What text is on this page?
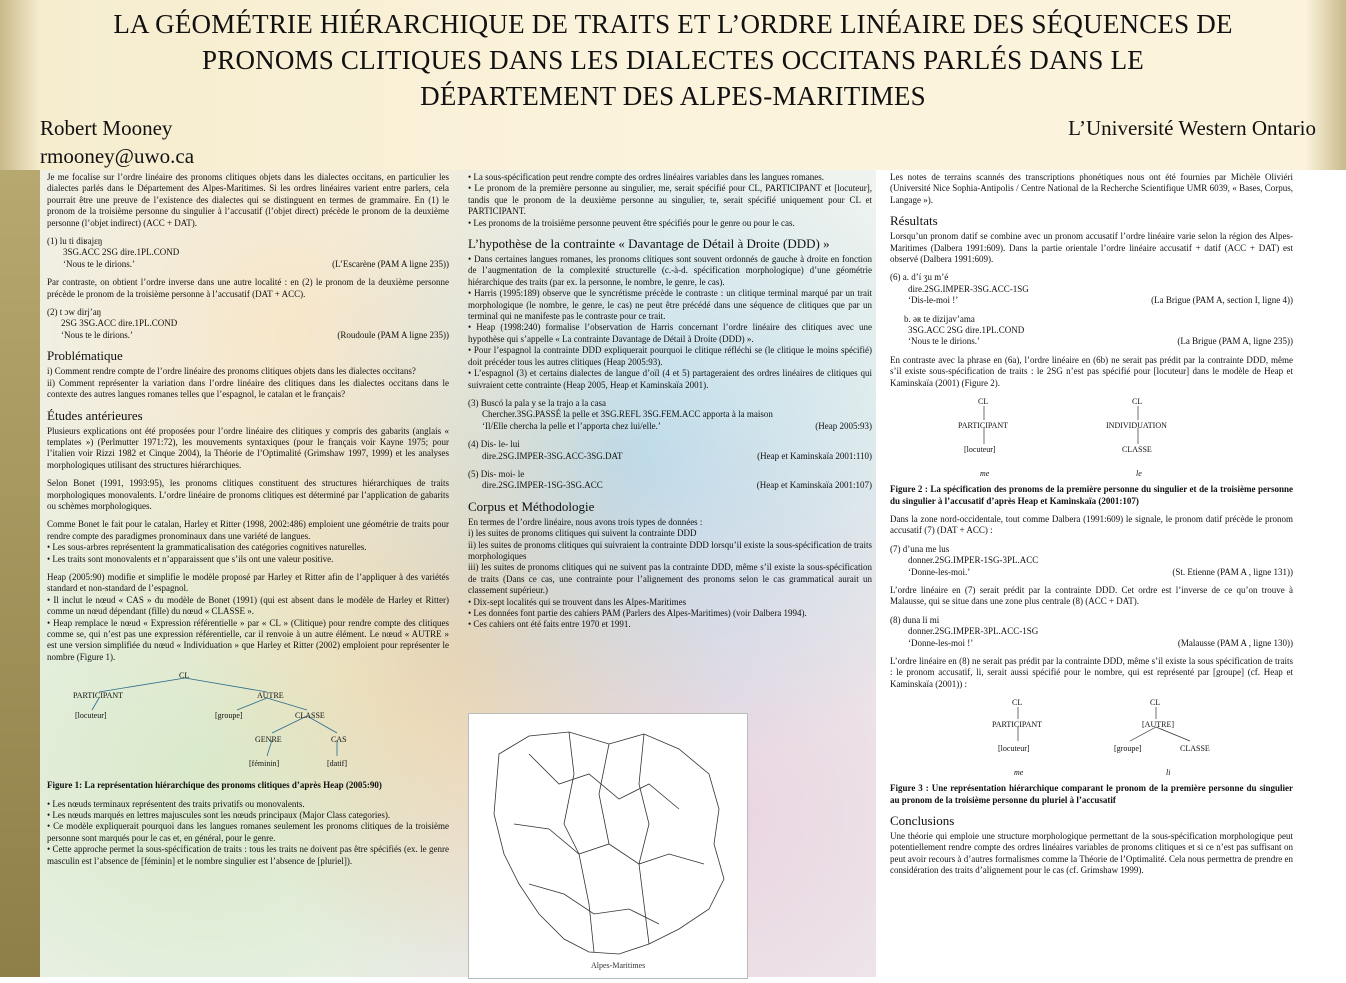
LA GÉOMÉTRIE HIÉRARCHIQUE DE TRAITS ET L’ORDRE LINÉAIRE DES SÉQUENCES DE
PRONOMS CLITIQUES DANS LES DIALECTES OCCITANS PARLÉS DANS LE
DÉPARTEMENT DES ALPES-MARITIMES
Robert Mooney
rmooney@uwo.ca
L’Université Western Ontario

Je me focalise sur l’ordre linéaire des pronoms clitiques objets dans les dialectes occitans, en particulier les dialectes parlés dans le Département des Alpes-Maritimes. Si les ordres linéaires varient entre parlers, cela pourrait être une preuve de l’existence des dialectes qui se distinguent en termes de grammaire. En (1) le pronom de la troisième personne du singulier à l’accusatif (l’objet direct) précède le pronom de la deuxième personne (l’objet indirect) (ACC + DAT).

(1) lu ti diʁajɛŋ
3SG.ACC 2SG dire.1PL.COND
‘Nous te le dirions.’	(L’Escarène (PAM A ligne 235))

Par contraste, on obtient l’ordre inverse dans une autre localité : en (2) le pronom de la deuxième personne précède le pronom de la troisième personne à l’accusatif (DAT + ACC).

(2) t ɔw dirjʼaŋ
2SG 3SG.ACC dire.1PL.COND
‘Nous te le dirions.’	(Roudoule (PAM A ligne 235))
Problématique

i) Comment rendre compte de l’ordre linéaire des pronoms clitiques objets dans les dialectes occitans?
ii) Comment représenter la variation dans l’ordre linéaire des clitiques dans les dialectes occitans dans le contexte des autres langues romanes telles que l’espagnol, le catalan et le français?

Études antérieures

Plusieurs explications ont été proposées pour l’ordre linéaire des clitiques y compris des gabarits (anglais « templates ») (Perlmutter 1971:72), les mouvements syntaxiques (pour le français voir Kayne 1975; pour l’italien voir Rizzi 1982 et Cinque 2004), la Théorie de l’Optimalité (Grimshaw 1997, 1999) et les analyses morphologiques utilisant des structures hiérarchiques.

Selon Bonet (1991, 1993:95), les pronoms clitiques constituent des structures hiérarchiques de traits morphologiques monovalents. L’ordre linéaire de pronoms clitiques est déterminé par l’application de gabarits ou schèmes morphologiques.

Comme Bonet le fait pour le catalan, Harley et Ritter (1998, 2002:486) emploient une géométrie de traits pour rendre compte des paradigmes pronominaux dans une variété de langues.
• Les sous-arbres représentent la grammaticalisation des catégories cognitives naturelles.
• Les traits sont monovalents et n’apparaissent que s’ils ont une valeur positive.

Heap (2005:90) modifie et simplifie le modèle proposé par Harley et Ritter afin de l’appliquer à des variétés standard et non-standard de l’espagnol.
• Il inclut le nœud « CAS » du modèle de Bonet (1991) (qui est absent dans le modèle de Harley et Ritter) comme un nœud dépendant (fille) du nœud « CLASSE ».
• Heap remplace le nœud « Expression référentielle » par « CL » (Clitique) pour rendre compte des clitiques comme se, qui n’est pas une expression référentielle, car il renvoie à un autre élément. Le nœud « AUTRE » est une version simplifiée du nœud « Individuation » que Harley et Ritter (2002) emploient pour représenter le nombre (Figure 1).

CL
PARTICIPANT	AUTRE
[locuteur]	[groupe]	CLASSE
GENRE	CAS
[féminin]	[datif]

Figure 1: La représentation hiérarchique des pronoms clitiques d’après Heap (2005:90)

• Les nœuds terminaux représentent des traits privatifs ou monovalents.
• Les nœuds marqués en lettres majuscules sont les nœuds principaux (Major Class categories).
• Ce modèle expliquerait pourquoi dans les langues romanes seulement les pronoms clitiques de la troisième personne sont marqués pour le cas et, en général, pour le genre.
• Cette approche permet la sous-spécification de traits : tous les traits ne doivent pas être spécifiés (ex. le genre masculin est l’absence de [féminin] et le nombre singulier est l’absence de [pluriel]).

• La sous-spécification peut rendre compte des ordres linéaires variables dans les langues romanes.
• Le pronom de la première personne au singulier, me, serait spécifié pour CL, PARTICIPANT et [locuteur], tandis que le pronom de la deuxième personne au singulier, te, serait spécifié uniquement pour CL et PARTICIPANT.
• Les pronoms de la troisième personne peuvent être spécifiés pour le genre ou pour le cas.

L’hypothèse de la contrainte « Davantage de Détail à Droite (DDD) »

• Dans certaines langues romanes, les pronoms clitiques sont souvent ordonnés de gauche à droite en fonction de l’augmentation de la complexité structurelle (c.-à-d. spécification morphologique) d’une géométrie hiérarchique des traits (par ex. la personne, le nombre, le genre, le cas).
• Harris (1995:189) observe que le syncrétisme précède le contraste : un clitique terminal marqué par un trait morphologique (le nombre, le genre, le cas) ne peut être précédé dans une séquence de clitiques que par un terminal qui ne manifeste pas le contraste pour ce trait.
• Heap (1998:240) formalise l’observation de Harris concernant l’ordre linéaire des clitiques avec une hypothèse qui s’appelle « La contrainte Davantage de Détail à Droite (DDD) ».
• Pour l’espagnol la contrainte DDD expliquerait pourquoi le clitique réfléchi se (le clitique le moins spécifié) doit précéder tous les autres clitiques (Heap 2005:93).
• L’espagnol (3) et certains dialectes de langue d’oïl (4 et 5) partageraient des ordres linéaires de clitiques qui suivraient cette contrainte (Heap 2005, Heap et Kaminskaïa 2001).

(3) Buscó la pala y se la trajo a la casa
Chercher.3SG.PASSÉ la pelle et 3SG.REFL 3SG.FEM.ACC apporta à la maison
‘Il/Elle chercha la pelle et l’apporta chez lui/elle.’	(Heap 2005:93)
(4) Dis- le- lui
dire.2SG.IMPER-3SG.ACC-3SG.DAT	(Heap et Kaminskaïa 2001:110)
(5) Dis- moi- le
dire.2SG.IMPER-1SG-3SG.ACC	(Heap et Kaminskaïa 2001:107)
Corpus et Méthodologie

En termes de l’ordre linéaire, nous avons trois types de données :
i) les suites de pronoms clitiques qui suivent la contrainte DDD
ii) les suites de pronoms clitiques qui suivraient la contrainte DDD lorsqu’il existe la sous-spécification de traits morphologiques
iii) les suites de pronoms clitiques qui ne suivent pas la contrainte DDD, même s’il existe la sous-spécification de traits (Dans ce cas, une contrainte pour l’alignement des pronoms selon le cas grammatical aurait un classement supérieur.)
• Dix-sept localités qui se trouvent dans les Alpes-Maritimes
• Les données font partie des cahiers PAM (Parlers des Alpes-Maritimes) (voir Dalbera 1994).
• Ces cahiers ont été faits entre 1970 et 1991.

Alpes-Maritimes

Les notes de terrains scannés des transcriptions phonétiques nous ont été fournies par Michèle Oliviéri (Université Nice Sophia-Antipolis / Centre National de la Recherche Scientifique UMR 6039, « Bases, Corpus, Langage »).

Résultats

Lorsqu’un pronom datif se combine avec un pronom accusatif l’ordre linéaire varie selon la région des Alpes-Maritimes (Dalbera 1991:609). Dans la partie orientale l’ordre linéaire accusatif + datif (ACC + DAT) est observé (Dalbera 1991:609).

(6) a. dʼí ʒu mʼé
dire.2SG.IMPER-3SG.ACC-1SG
‘Dis-le-moi !’	(La Brigue (PAM A, section I, ligne 4))
b. əʀ te dizijavʼama
3SG.ACC 2SG dire.1PL.COND
‘Nous te le dirions.’	(La Brigue (PAM A, ligne 235))

En contraste avec la phrase en (6a), l’ordre linéaire en (6b) ne serait pas prédit par la contrainte DDD, même s’il existe sous-spécification de traits : le 2SG n’est pas spécifié pour [locuteur] dans le modèle de Heap et Kaminskaïa (2001) (Figure 2).

CL	CL
PARTICIPANT	INDIVIDUATION
[locuteur]	CLASSE
me	le

Figure 2 : La spécification des pronoms de la première personne du singulier et de la troisième personne du singulier à l’accusatif d’après Heap et Kaminskaïa (2001:107)

Dans la zone nord-occidentale, tout comme Dalbera (1991:609) le signale, le pronom datif précède le pronom accusatif (7) (DAT + ACC) :

(7) d’una me lus
donner.2SG.IMPER-1SG-3PL.ACC
‘Donne-les-moi.’	(St. Etienne (PAM A , ligne 131))

L’ordre linéaire en (7) serait prédit par la contrainte DDD. Cet ordre est l’inverse de ce qu’on trouve à Malausse, qui se situe dans une zone plus centrale (8) (ACC + DAT).

(8) duna li mi
donner.2SG.IMPER-3PL.ACC-1SG
‘Donne-les-moi !’	(Malausse (PAM A , ligne 130))

L’ordre linéaire en (8) ne serait pas prédit par la contrainte DDD, même s’il existe la sous spécification de traits : le pronom accusatif, li, serait aussi spécifié pour le nombre, qui est représenté par [groupe] (cf. Heap et Kaminskaïa (2001)) :

CL	CL
PARTICIPANT	[AUTRE]
[locuteur]	[groupe]	CLASSE
me	li

Figure 3 : Une représentation hiérarchique comparant le pronom de la première personne du singulier au pronom de la troisième personne du pluriel à l’accusatif

Conclusions

Une théorie qui emploie une structure morphologique permettant de la sous-spécification morphologique peut potentiellement rendre compte des ordres linéaires variables de pronoms clitiques et si ce n’est pas suffisant on peut avoir recours à d’autres formalismes comme la Théorie de l’Optimalité. Cela nous permettra de prendre en considération des traits d’alignement pour le cas (cf. Grimshaw 1999).
